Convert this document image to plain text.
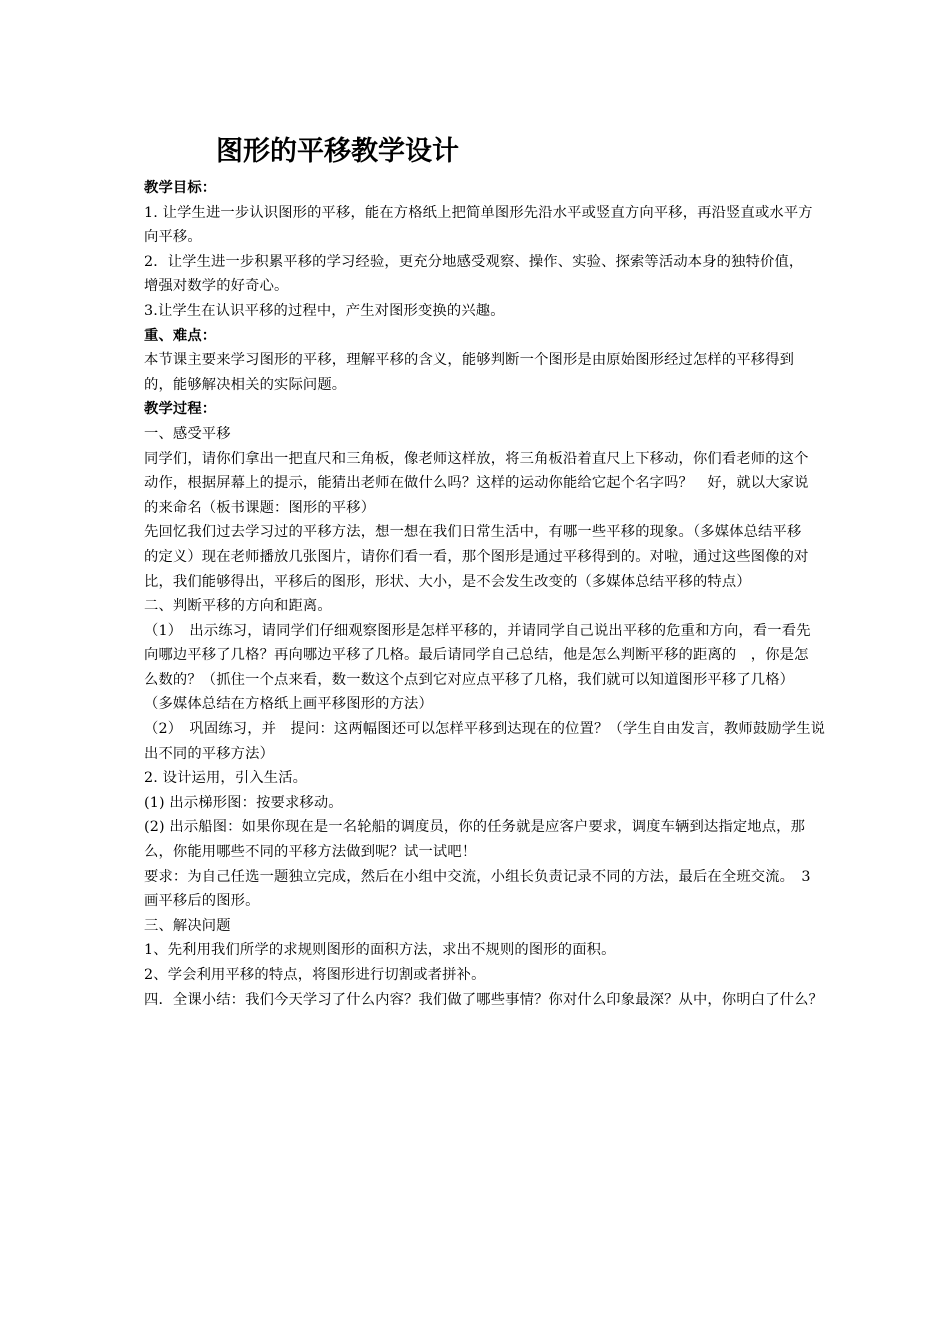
图形的平移教学设计

教学目标：

1. 让学生进一步认识图形的平移，能在方格纸上把简单图形先沿水平或竖直方向平移，再沿竖直或水平方向平移。

2．让学生进一步积累平移的学习经验，更充分地感受观察、操作、实验、探索等活动本身的独特价值，增强对数学的好奇心。

3.让学生在认识平移的过程中，产生对图形变换的兴趣。

重、难点：

本节课主要来学习图形的平移，理解平移的含义，能够判断一个图形是由原始图形经过怎样的平移得到的，能够解决相关的实际问题。

教学过程：

一、感受平移

同学们，请你们拿出一把直尺和三角板，像老师这样放，将三角板沿着直尺上下移动，你们看老师的这个动作，根据屏幕上的提示，能猜出老师在做什么吗？这样的运动你能给它起个名字吗？　好，就以大家说的来命名（板书课题：图形的平移）

先回忆我们过去学习过的平移方法，想一想在我们日常生活中，有哪一些平移的现象。（多媒体总结平移的定义）现在老师播放几张图片，请你们看一看，那个图形是通过平移得到的。对啦，通过这些图像的对比，我们能够得出，平移后的图形，形状、大小，是不会发生改变的（多媒体总结平移的特点）

二、判断平移的方向和距离。

（1）　出示练习，请同学们仔细观察图形是怎样平移的，并请同学自己说出平移的危重和方向，看一看先向哪边平移了几格？再向哪边平移了几格。最后请同学自己总结，他是怎么判断平移的距离的　，你是怎么数的？（抓住一个点来看，数一数这个点到它对应点平移了几格，我们就可以知道图形平移了几格）　（多媒体总结在方格纸上画平移图形的方法）

（2）　巩固练习，并　提问：这两幅图还可以怎样平移到达现在的位置？（学生自由发言，教师鼓励学生说出不同的平移方法）

2. 设计运用，引入生活。

(1) 出示梯形图：按要求移动。

(2) 出示船图：如果你现在是一名轮船的调度员，你的任务就是应客户要求，调度车辆到达指定地点，那么，你能用哪些不同的平移方法做到呢？试一试吧！

要求：为自己任选一题独立完成，然后在小组中交流，小组长负责记录不同的方法，最后在全班交流。　3画平移后的图形。

三、解决问题

1、先利用我们所学的求规则图形的面积方法，求出不规则的图形的面积。

2、学会利用平移的特点，将图形进行切割或者拼补。

四．全课小结：我们今天学习了什么内容？我们做了哪些事情？你对什么印象最深？从中，你明白了什么？
